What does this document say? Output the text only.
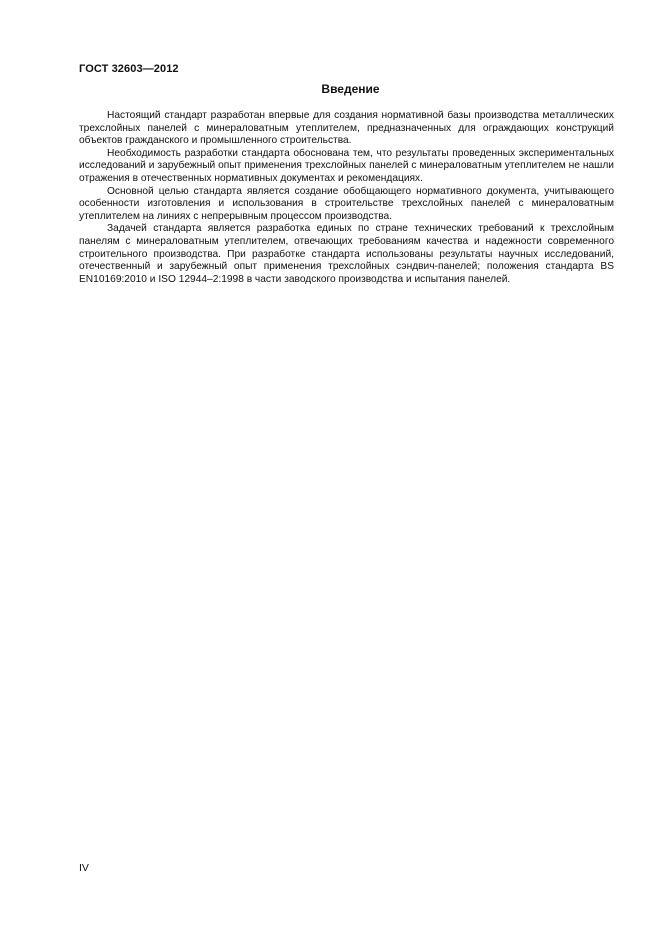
ГОСТ 32603—2012
Введение

Настоящий стандарт разработан впервые для создания нормативной базы производства металлических трехслойных панелей с минераловатным утеплителем, предназначенных для ограждающих конструкций объектов гражданского и промышленного строительства.

Необходимость разработки стандарта обоснована тем, что результаты проведенных экспериментальных исследований и зарубежный опыт применения трехслойных панелей с минераловатным утеплителем не нашли отражения в отечественных нормативных документах и рекомендациях.

Основной целью стандарта является создание обобщающего нормативного документа, учитывающего особенности изготовления и использования в строительстве трехслойных панелей с минераловатным утеплителем на линиях с непрерывным процессом производства.

Задачей стандарта является разработка единых по стране технических требований к трехслойным панелям с минераловатным утеплителем, отвечающих требованиям качества и надежности современного строительного производства. При разработке стандарта использованы результаты научных исследований, отечественный и зарубежный опыт применения трехслойных сэндвич-панелей; положения стандарта BS EN10169:2010 и ISO 12944–2:1998 в части заводского производства и испытания панелей.

IV
